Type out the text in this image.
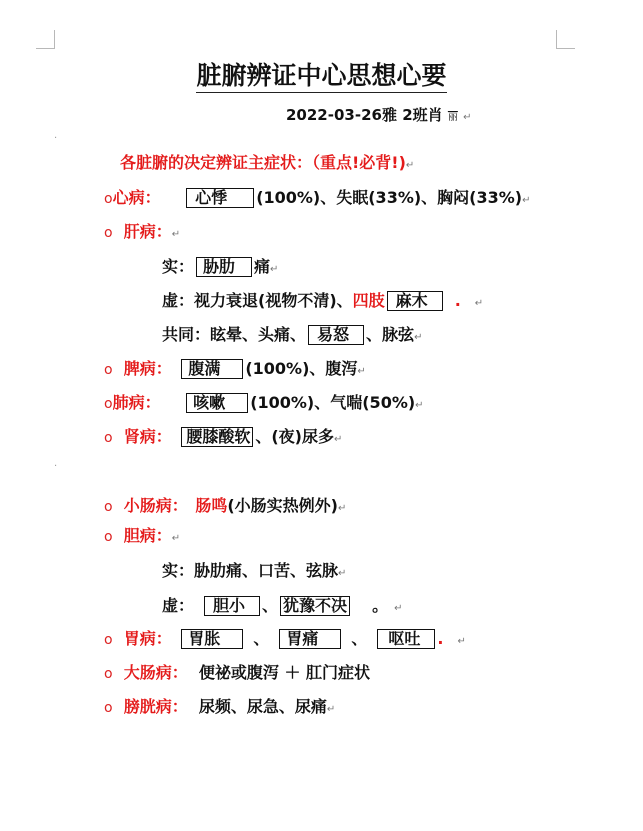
脏腑辨证中心思想心要
2022-03-26雅 2班肖 丽 ↵
.
各脏腑的决定辨证主症状：（重点!必背!)↵
o心病： 心悸 (100%)、失眠(33%)、胸闷(33%)↵
o 肝病：↵
实： 胁肋 痛↵
虚：视力衰退(视物不清)、四肢 麻木 . ↵
共同：眩晕、头痛、 易怒 、脉弦↵
o 脾病： 腹满 (100%)、腹泻↵
o肺病： 咳嗽 (100%)、气喘(50%)↵
o 肾病： 腰膝酸软 、(夜)尿多↵
.
o 小肠病： 肠鸣(小肠实热例外)↵
o 胆病：↵
实：胁肋痛、口苦、弦脉↵
虚： 胆小 、 犹豫不决 。 ↵
o 胃病： 胃胀 、 胃痛 、 呕吐 . ↵
o 大肠病： 便祕或腹泻 ＋ 肛门症状
o 膀胱病： 尿频、尿急、尿痛↵
